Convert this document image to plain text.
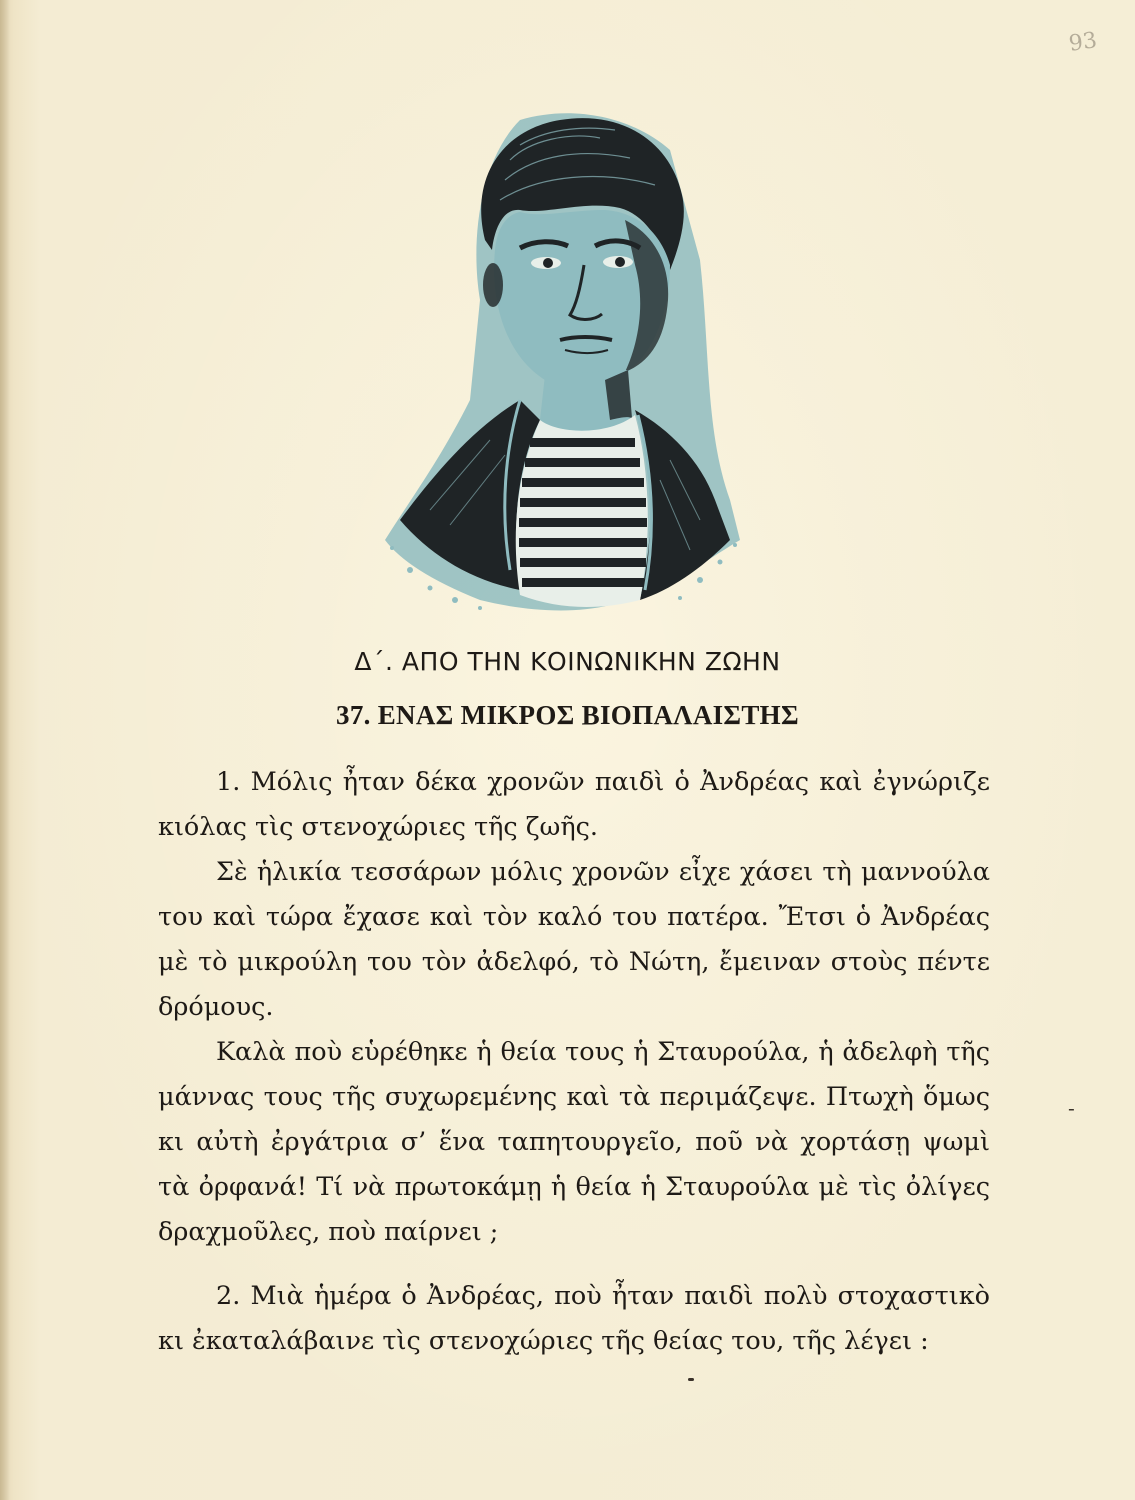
93
Δ΄. ΑΠΟ ΤΗΝ ΚΟΙΝΩΝΙΚΗΝ ΖΩΗΝ
37. ΕΝΑΣ ΜΙΚΡΟΣ ΒΙΟΠΑΛΑΙΣΤΗΣ

1. Μόλις ἦταν δέκα χρονῶν παιδὶ ὁ Ἀνδρέας καὶ ἐγνώριζε κιόλας τὶς στενοχώριες τῆς ζωῆς.

Σὲ ἡλικία τεσσάρων μόλις χρονῶν εἶχε χάσει τὴ μαννούλα του καὶ τώρα ἔχασε καὶ τὸν καλό του πατέρα. Ἔτσι ὁ Ἀνδρέας μὲ τὸ μικρούλη του τὸν ἀδελφό, τὸ Νώτη, ἔμειναν στοὺς πέντε δρόμους.

Καλὰ ποὺ εὑρέθηκε ἡ θεία τους ἡ Σταυρούλα, ἡ ἀδελφὴ τῆς μάννας τους τῆς συχωρεμένης καὶ τὰ περιμάζεψε. Πτωχὴ ὅμως κι αὐτὴ ἐργάτρια σ’ ἕνα ταπητουργεῖο, ποῦ νὰ χορτάσῃ ψωμὶ τὰ ὀρφανά! Τί νὰ πρωτοκάμῃ ἡ θεία ἡ Σταυρούλα μὲ τὶς ὀλίγες δραχμοῦλες, ποὺ παίρνει ;

2. Μιὰ ἡμέρα ὁ Ἀνδρέας, ποὺ ἦταν παιδὶ πολὺ στοχαστικὸ κι ἐκαταλάβαινε τὶς στενοχώριες τῆς θείας του, τῆς λέγει :

-
